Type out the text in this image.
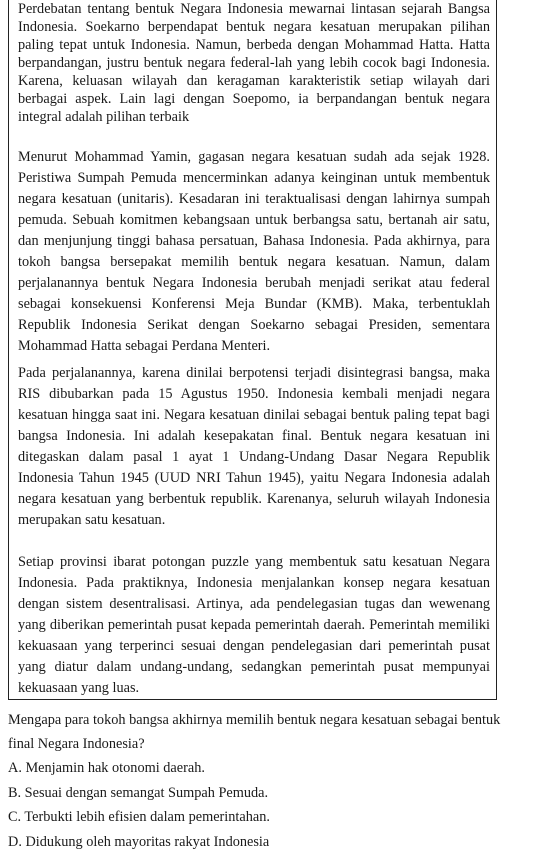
Perdebatan tentang bentuk Negara Indonesia mewarnai lintasan sejarah Bangsa Indonesia. Soekarno berpendapat bentuk negara kesatuan merupakan pilihan paling tepat untuk Indonesia. Namun, berbeda dengan Mohammad Hatta. Hatta berpandangan, justru bentuk negara federal-lah yang lebih cocok bagi Indonesia. Karena, keluasan wilayah dan keragaman karakteristik setiap wilayah dari berbagai aspek. Lain lagi dengan Soepomo, ia berpandangan bentuk negara integral adalah pilihan terbaik

Menurut Mohammad Yamin, gagasan negara kesatuan sudah ada sejak 1928. Peristiwa Sumpah Pemuda mencerminkan adanya keinginan untuk membentuk negara kesatuan (unitaris). Kesadaran ini teraktualisasi dengan lahirnya sumpah pemuda. Sebuah komitmen kebangsaan untuk berbangsa satu, bertanah air satu, dan menjunjung tinggi bahasa persatuan, Bahasa Indonesia. Pada akhirnya, para tokoh bangsa bersepakat memilih bentuk negara kesatuan. Namun, dalam perjalanannya bentuk Negara Indonesia berubah menjadi serikat atau federal sebagai konsekuensi Konferensi Meja Bundar (KMB). Maka, terbentuklah Republik Indonesia Serikat dengan Soekarno sebagai Presiden, sementara Mohammad Hatta sebagai Perdana Menteri.

Pada perjalanannya, karena dinilai berpotensi terjadi disintegrasi bangsa, maka RIS dibubarkan pada 15 Agustus 1950. Indonesia kembali menjadi negara kesatuan hingga saat ini. Negara kesatuan dinilai sebagai bentuk paling tepat bagi bangsa Indonesia. Ini adalah kesepakatan final. Bentuk negara kesatuan ini ditegaskan dalam pasal 1 ayat 1 Undang-Undang Dasar Negara Republik Indonesia Tahun 1945 (UUD NRI Tahun 1945), yaitu Negara Indonesia adalah negara kesatuan yang berbentuk republik. Karenanya, seluruh wilayah Indonesia merupakan satu kesatuan.

Setiap provinsi ibarat potongan puzzle yang membentuk satu kesatuan Negara Indonesia. Pada praktiknya, Indonesia menjalankan konsep negara kesatuan dengan sistem desentralisasi. Artinya, ada pendelegasian tugas dan wewenang yang diberikan pemerintah pusat kepada pemerintah daerah. Pemerintah memiliki kekuasaan yang terperinci sesuai dengan pendelegasian dari pemerintah pusat yang diatur dalam undang-undang, sedangkan pemerintah pusat mempunyai kekuasaan yang luas.

Mengapa para tokoh bangsa akhirnya memilih bentuk negara kesatuan sebagai bentuk final Negara Indonesia?

A. Menjamin hak otonomi daerah.
B. Sesuai dengan semangat Sumpah Pemuda.
C. Terbukti lebih efisien dalam pemerintahan.
D. Didukung oleh mayoritas rakyat Indonesia
